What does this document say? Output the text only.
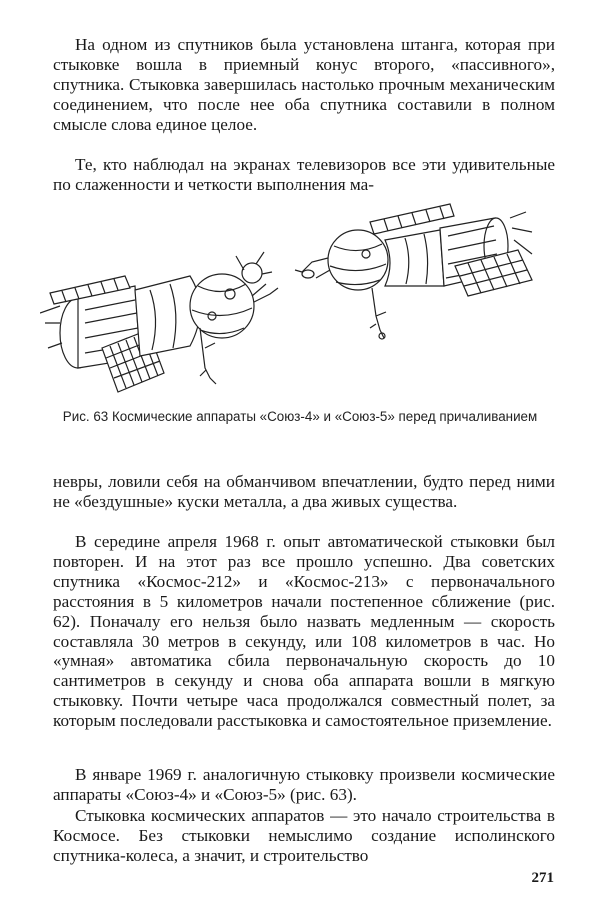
На одном из спутников была установлена штанга, которая при стыковке вошла в приемный конус второго, «пассивного», спутника. Стыковка завершилась настолько прочным механическим соединением, что после нее оба спутника составили в полном смысле слова единое целое.

Те, кто наблюдал на экранах телевизоров все эти удивительные по слаженности и четкости выполнения ма-

Рис. 63 Космические аппараты «Союз-4» и «Союз-5» перед причаливанием

невры, ловили себя на обманчивом впечатлении, будто перед ними не «бездушные» куски металла, а два живых существа.

В середине апреля 1968 г. опыт автоматической стыковки был повторен. И на этот раз все прошло успешно. Два советских спутника «Космос-212» и «Космос-213» с первоначального расстояния в 5 километров начали постепенное сближение (рис. 62). Поначалу его нельзя было назвать медленным — скорость составляла 30 метров в секунду, или 108 километров в час. Но «умная» автоматика сбила первоначальную скорость до 10 сантиметров в секунду и снова оба аппарата вошли в мягкую стыковку. Почти четыре часа продолжался совместный полет, за которым последовали расстыковка и самостоятельное приземление.

В январе 1969 г. аналогичную стыковку произвели космические аппараты «Союз-4» и «Союз-5» (рис. 63).

Стыковка космических аппаратов — это начало строительства в Космосе. Без стыковки немыслимо создание исполинского спутника-колеса, а значит, и строительство

271
